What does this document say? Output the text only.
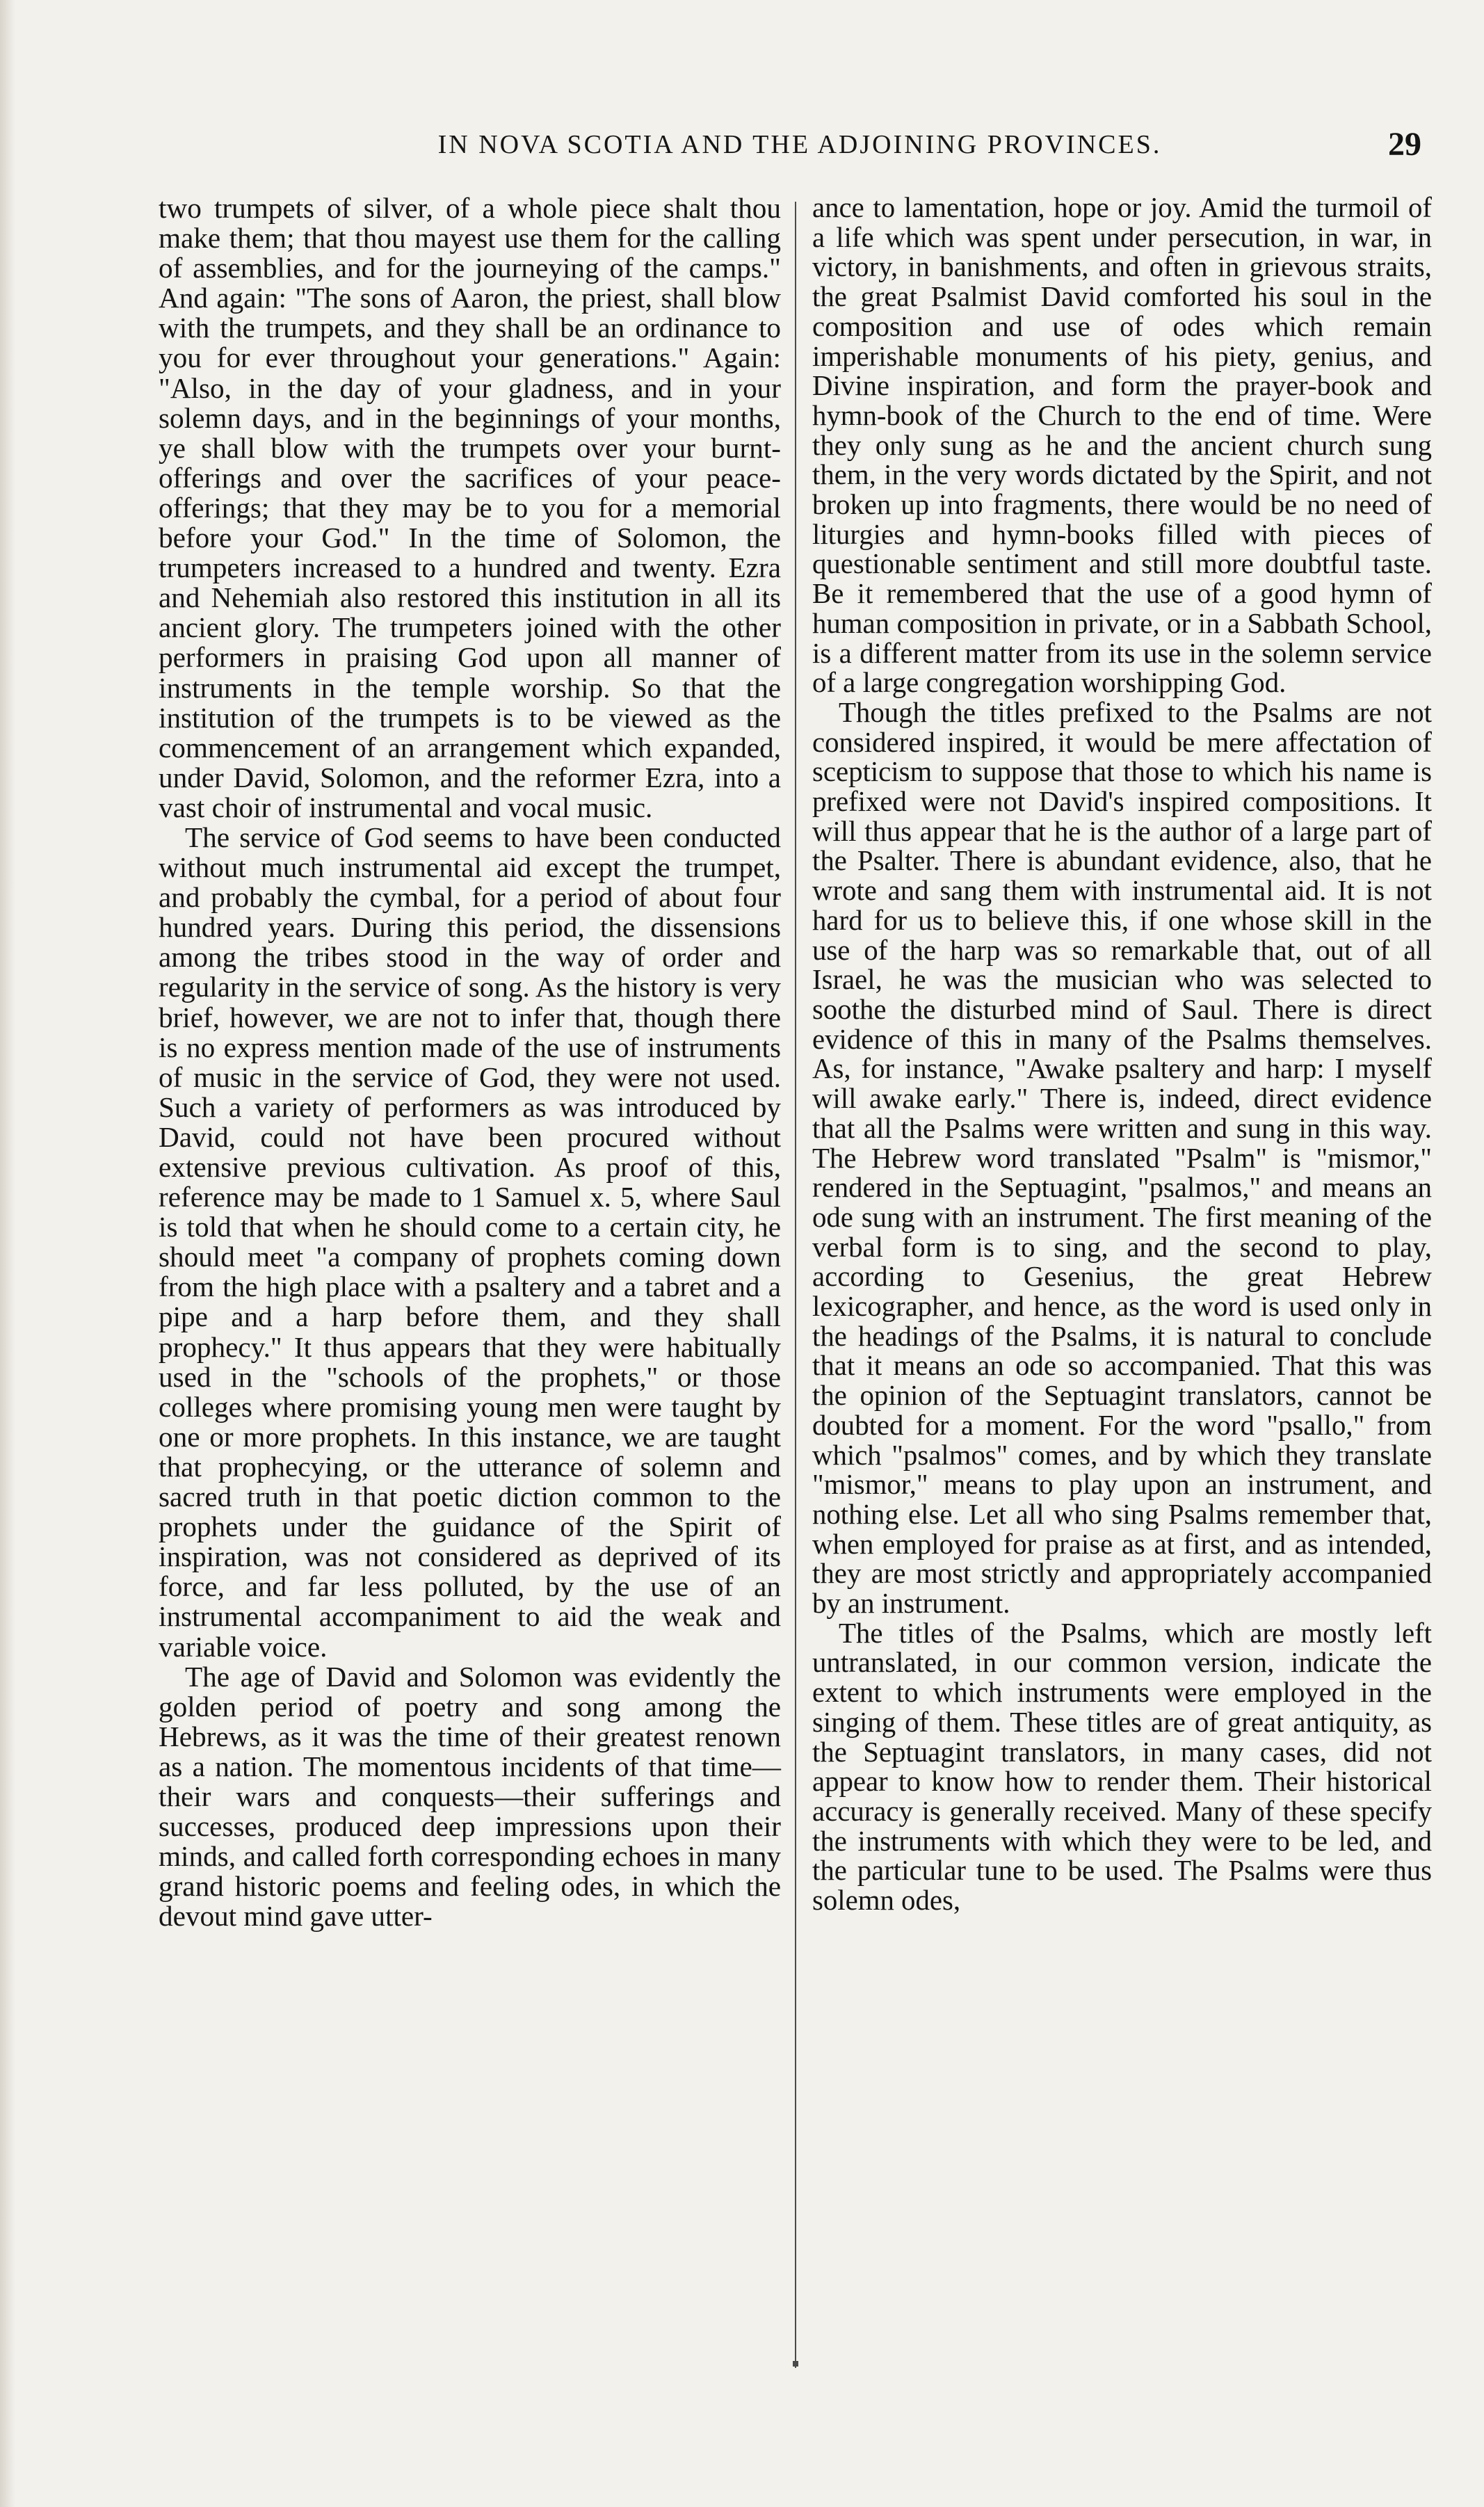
IN NOVA SCOTIA AND THE ADJOINING PROVINCES.	29

two trumpets of silver, of a whole piece shalt thou make them; that thou mayest use them for the calling of assemblies, and for the journeying of the camps." And again: "The sons of Aaron, the priest, shall blow with the trumpets, and they shall be an ordinance to you for ever throughout your generations." Again: "Also, in the day of your gladness, and in your solemn days, and in the beginnings of your months, ye shall blow with the trumpets over your burnt-offerings and over the sacrifices of your peace-offerings; that they may be to you for a memorial before your God." In the time of Solomon, the trumpeters increased to a hundred and twenty. Ezra and Nehemiah also restored this institution in all its ancient glory. The trumpeters joined with the other performers in praising God upon all manner of instruments in the temple worship. So that the institution of the trumpets is to be viewed as the commencement of an arrangement which expanded, under David, Solomon, and the reformer Ezra, into a vast choir of instrumental and vocal music.

The service of God seems to have been conducted without much instrumental aid except the trumpet, and probably the cymbal, for a period of about four hundred years. During this period, the dissensions among the tribes stood in the way of order and regularity in the service of song. As the history is very brief, however, we are not to infer that, though there is no express mention made of the use of instruments of music in the service of God, they were not used. Such a variety of performers as was introduced by David, could not have been procured without extensive previous cultivation. As proof of this, reference may be made to 1 Samuel x. 5, where Saul is told that when he should come to a certain city, he should meet "a company of prophets coming down from the high place with a psaltery and a tabret and a pipe and a harp before them, and they shall prophecy." It thus appears that they were habitually used in the "schools of the prophets," or those colleges where promising young men were taught by one or more prophets. In this instance, we are taught that prophecying, or the utterance of solemn and sacred truth in that poetic diction common to the prophets under the guidance of the Spirit of inspiration, was not considered as deprived of its force, and far less polluted, by the use of an instrumental accompaniment to aid the weak and variable voice.

The age of David and Solomon was evidently the golden period of poetry and song among the Hebrews, as it was the time of their greatest renown as a nation. The momentous incidents of that time—their wars and conquests—their sufferings and successes, produced deep impressions upon their minds, and called forth corresponding echoes in many grand historic poems and feeling odes, in which the devout mind gave utter-

ance to lamentation, hope or joy. Amid the turmoil of a life which was spent under persecution, in war, in victory, in banishments, and often in grievous straits, the great Psalmist David comforted his soul in the composition and use of odes which remain imperishable monuments of his piety, genius, and Divine inspiration, and form the prayer-book and hymn-book of the Church to the end of time. Were they only sung as he and the ancient church sung them, in the very words dictated by the Spirit, and not broken up into fragments, there would be no need of liturgies and hymn-books filled with pieces of questionable sentiment and still more doubtful taste. Be it remembered that the use of a good hymn of human composition in private, or in a Sabbath School, is a different matter from its use in the solemn service of a large congregation worshipping God.

Though the titles prefixed to the Psalms are not considered inspired, it would be mere affectation of scepticism to suppose that those to which his name is prefixed were not David's inspired compositions. It will thus appear that he is the author of a large part of the Psalter. There is abundant evidence, also, that he wrote and sang them with instrumental aid. It is not hard for us to believe this, if one whose skill in the use of the harp was so remarkable that, out of all Israel, he was the musician who was selected to soothe the disturbed mind of Saul. There is direct evidence of this in many of the Psalms themselves. As, for instance, "Awake psaltery and harp: I myself will awake early." There is, indeed, direct evidence that all the Psalms were written and sung in this way. The Hebrew word translated "Psalm" is "mismor," rendered in the Septuagint, "psalmos," and means an ode sung with an instrument. The first meaning of the verbal form is to sing, and the second to play, according to Gesenius, the great Hebrew lexicographer, and hence, as the word is used only in the headings of the Psalms, it is natural to conclude that it means an ode so accompanied. That this was the opinion of the Septuagint translators, cannot be doubted for a moment. For the word "psallo," from which "psalmos" comes, and by which they translate "mismor," means to play upon an instrument, and nothing else. Let all who sing Psalms remember that, when employed for praise as at first, and as intended, they are most strictly and appropriately accompanied by an instrument.

The titles of the Psalms, which are mostly left untranslated, in our common version, indicate the extent to which instruments were employed in the singing of them. These titles are of great antiquity, as the Septuagint translators, in many cases, did not appear to know how to render them. Their historical accuracy is generally received. Many of these specify the instruments with which they were to be led, and the particular tune to be used. The Psalms were thus solemn odes,
